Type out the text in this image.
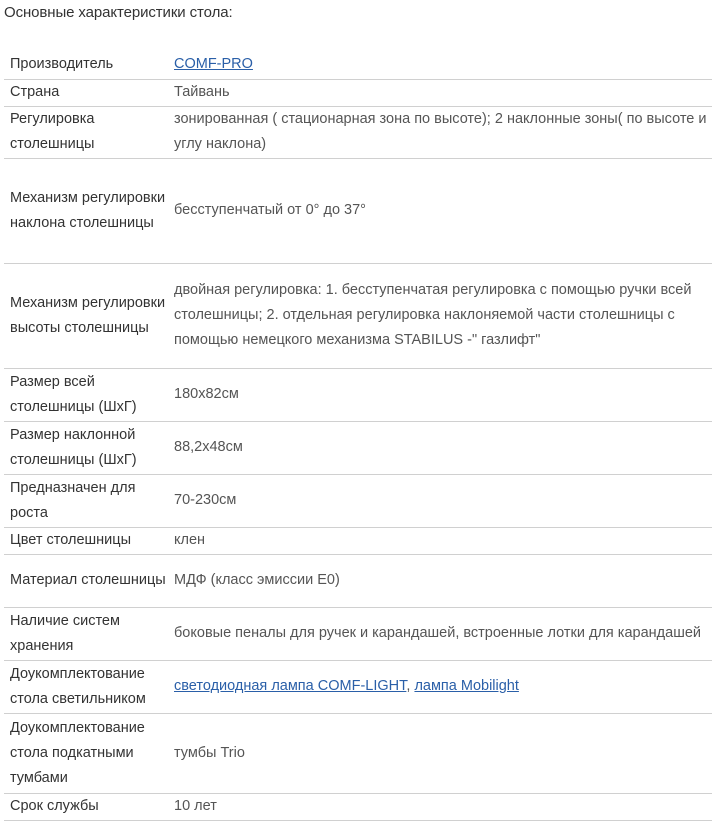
Основные характеристики стола:
Производитель	COMF-PRO
Страна	Тайвань
Регулировка столешницы	зонированная ( стационарная зона по высоте); 2 наклонные зоны( по высоте и углу наклона)
Механизм регулировки наклона столешницы	бесступенчатый от 0° до 37°
Механизм регулировки высоты столешницы	двойная регулировка: 1. бесступенчатая регулировка с помощью ручки всей столешницы; 2. отдельная регулировка наклоняемой части столешницы с помощью немецкого механизма STABILUS -" газлифт"
Размер всей столешницы (ШхГ)	180х82см
Размер наклонной столешницы (ШхГ)	88,2х48см
Предназначен для роста	70-230см
Цвет столешницы	клен
Материал столешницы	МДФ (класс эмиссии Е0)
Наличие систем хранения	боковые пеналы для ручек и карандашей, встроенные лотки для карандашей
Доукомплектование стола светильником	светодиодная лампа COMF-LIGHT, лампа Mobilight
Доукомплектование стола подкатными тумбами	тумбы Trio
Срок службы	10 лет
